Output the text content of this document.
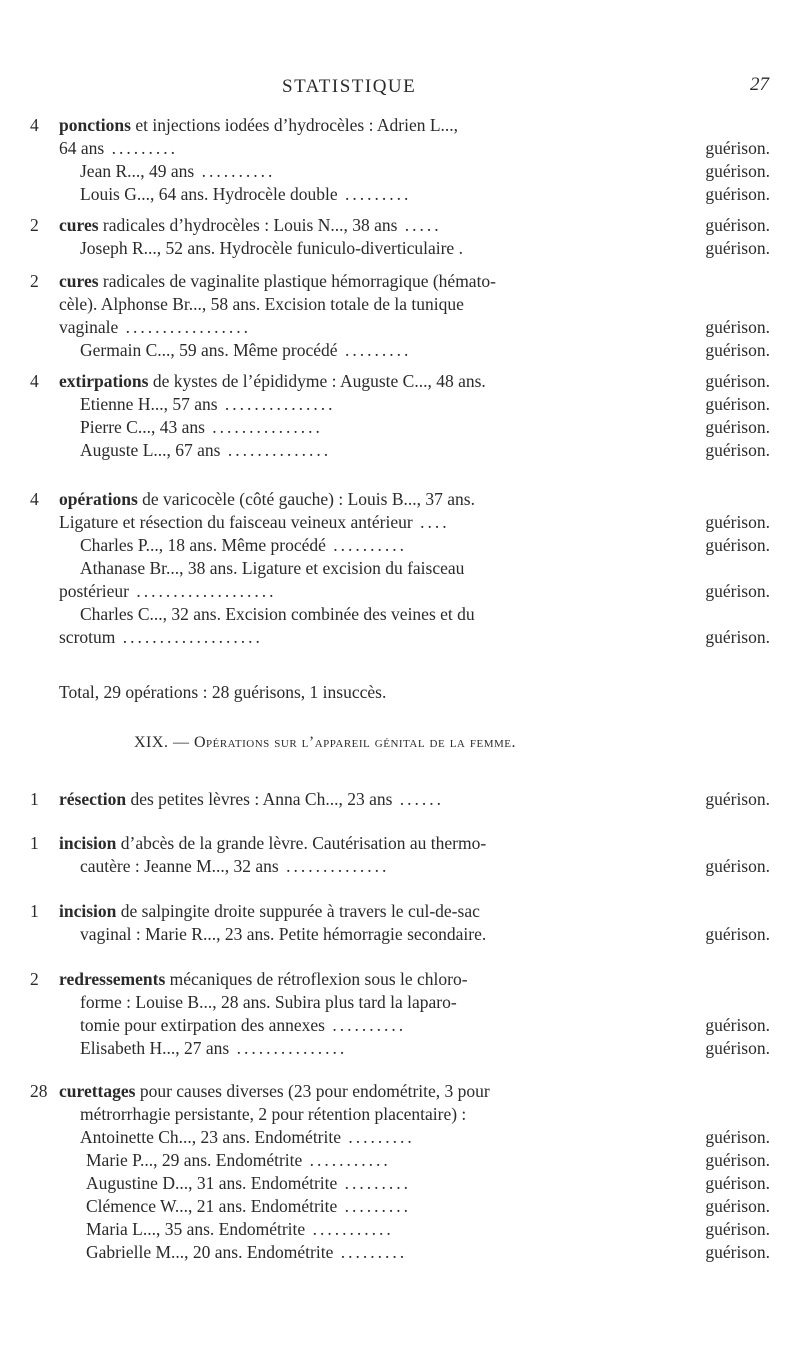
STATISTIQUE	27
4	ponctions et injections iodées d’hydrocèles : Adrien L...,
64 ans .........	guérison.
Jean R..., 49 ans ..........	guérison.
Louis G..., 64 ans. Hydrocèle double .........	guérison.
2	cures radicales d’hydrocèles : Louis N..., 38 ans .....	guérison.
Joseph R..., 52 ans. Hydrocèle funiculo-diverticulaire .	guérison.
2	cures radicales de vaginalite plastique hémorragique (hémato-
cèle). Alphonse Br..., 58 ans. Excision totale de la tunique
vaginale .................	guérison.
Germain C..., 59 ans. Même procédé .........	guérison.
4	extirpations de kystes de l’épididyme : Auguste C..., 48 ans.	guérison.
Etienne H..., 57 ans ...............	guérison.
Pierre C..., 43 ans ...............	guérison.
Auguste L..., 67 ans ..............	guérison.
4	opérations de varicocèle (côté gauche) : Louis B..., 37 ans.
Ligature et résection du faisceau veineux antérieur ....	guérison.
Charles P..., 18 ans. Même procédé ..........	guérison.
Athanase Br..., 38 ans. Ligature et excision du faisceau
postérieur ...................	guérison.
Charles C..., 32 ans. Excision combinée des veines et du
scrotum ...................	guérison.
Total, 29 opérations : 28 guérisons, 1 insuccès.
XIX. — Opérations sur l’appareil génital de la femme.
1	résection des petites lèvres : Anna Ch..., 23 ans ......	guérison.
1	incision d’abcès de la grande lèvre. Cautérisation au thermo-
cautère : Jeanne M..., 32 ans ..............	guérison.
1	incision de salpingite droite suppurée à travers le cul-de-sac
vaginal : Marie R..., 23 ans. Petite hémorragie secondaire.	guérison.
2	redressements mécaniques de rétroflexion sous le chloro-
forme : Louise B..., 28 ans. Subira plus tard la laparo-
tomie pour extirpation des annexes ..........	guérison.
Elisabeth H..., 27 ans ...............	guérison.
28 curettages pour causes diverses (23 pour endométrite, 3 pour
métrorrhagie persistante, 2 pour rétention placentaire) :
Antoinette Ch..., 23 ans. Endométrite .........	guérison.
Marie P..., 29 ans. Endométrite ...........	guérison.
Augustine D..., 31 ans. Endométrite .........	guérison.
Clémence W..., 21 ans. Endométrite .........	guérison.
Maria L..., 35 ans. Endométrite ...........	guérison.
Gabrielle M..., 20 ans. Endométrite .........	guérison.
